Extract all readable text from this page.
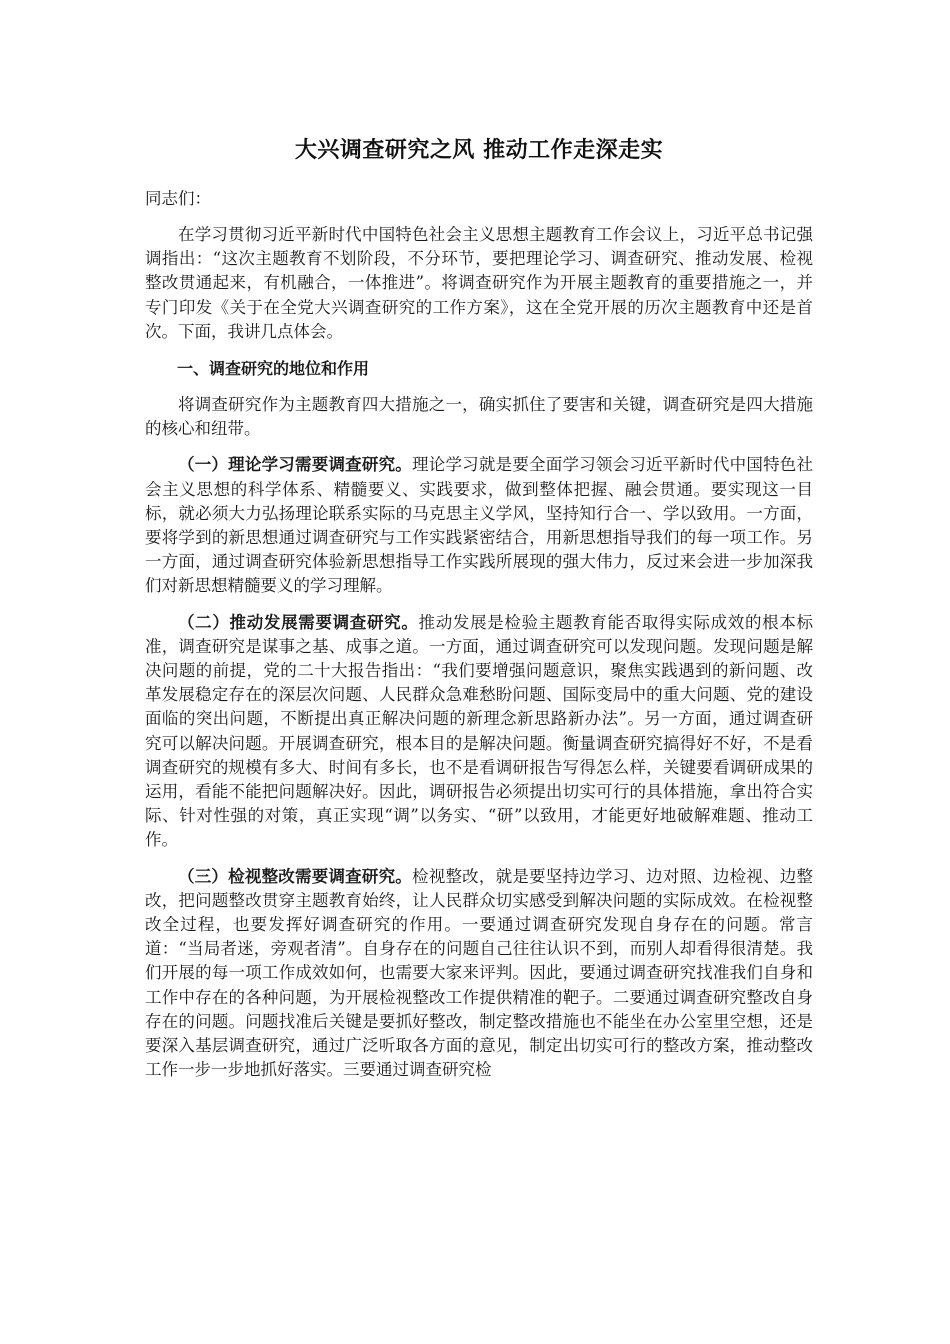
大兴调查研究之风 推动工作走深走实

同志们：

在学习贯彻习近平新时代中国特色社会主义思想主题教育工作会议上，习近平总书记强调指出：“这次主题教育不划阶段，不分环节，要把理论学习、调查研究、推动发展、检视整改贯通起来，有机融合，一体推进”。将调查研究作为开展主题教育的重要措施之一，并专门印发《关于在全党大兴调查研究的工作方案》，这在全党开展的历次主题教育中还是首次。下面，我讲几点体会。

一、调查研究的地位和作用

将调查研究作为主题教育四大措施之一，确实抓住了要害和关键，调查研究是四大措施的核心和纽带。

（一）理论学习需要调查研究。理论学习就是要全面学习领会习近平新时代中国特色社会主义思想的科学体系、精髓要义、实践要求，做到整体把握、融会贯通。要实现这一目标，就必须大力弘扬理论联系实际的马克思主义学风，坚持知行合一、学以致用。一方面，要将学到的新思想通过调查研究与工作实践紧密结合，用新思想指导我们的每一项工作。另一方面，通过调查研究体验新思想指导工作实践所展现的强大伟力，反过来会进一步加深我们对新思想精髓要义的学习理解。

（二）推动发展需要调查研究。推动发展是检验主题教育能否取得实际成效的根本标准，调查研究是谋事之基、成事之道。一方面，通过调查研究可以发现问题。发现问题是解决问题的前提，党的二十大报告指出：“我们要增强问题意识，聚焦实践遇到的新问题、改革发展稳定存在的深层次问题、人民群众急难愁盼问题、国际变局中的重大问题、党的建设面临的突出问题，不断提出真正解决问题的新理念新思路新办法”。另一方面，通过调查研究可以解决问题。开展调查研究，根本目的是解决问题。衡量调查研究搞得好不好，不是看调查研究的规模有多大、时间有多长，也不是看调研报告写得怎么样，关键要看调研成果的运用，看能不能把问题解决好。因此，调研报告必须提出切实可行的具体措施，拿出符合实际、针对性强的对策，真正实现“调”以务实、“研”以致用，才能更好地破解难题、推动工作。

（三）检视整改需要调查研究。检视整改，就是要坚持边学习、边对照、边检视、边整改，把问题整改贯穿主题教育始终，让人民群众切实感受到解决问题的实际成效。在检视整改全过程，也要发挥好调查研究的作用。一要通过调查研究发现自身存在的问题。常言道：“当局者迷，旁观者清”。自身存在的问题自己往往认识不到，而别人却看得很清楚。我们开展的每一项工作成效如何，也需要大家来评判。因此，要通过调查研究找准我们自身和工作中存在的各种问题，为开展检视整改工作提供精准的靶子。二要通过调查研究整改自身存在的问题。问题找准后关键是要抓好整改，制定整改措施也不能坐在办公室里空想，还是要深入基层调查研究，通过广泛听取各方面的意见，制定出切实可行的整改方案，推动整改工作一步一步地抓好落实。三要通过调查研究检
